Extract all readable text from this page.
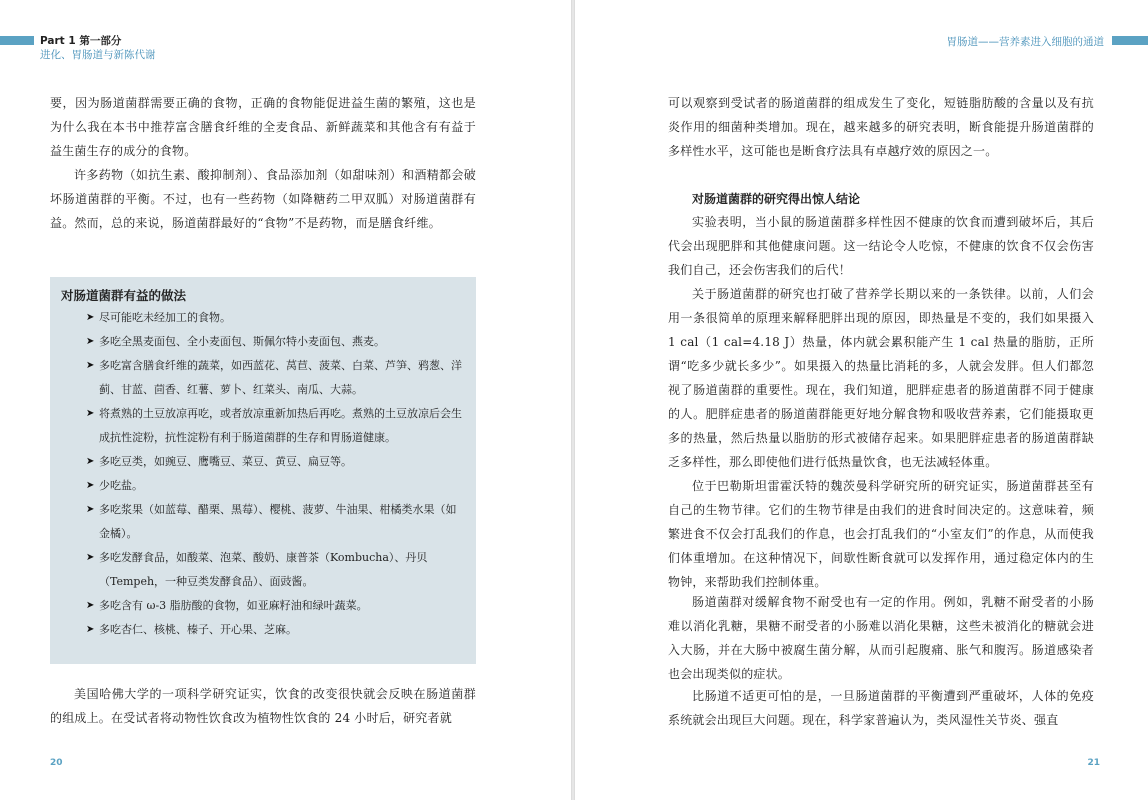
Part 1 第一部分
进化、胃肠道与新陈代谢
要，因为肠道菌群需要正确的食物，正确的食物能促进益生菌的繁殖，这也是为什么我在本书中推荐富含膳食纤维的全麦食品、新鲜蔬菜和其他含有有益于益生菌生存的成分的食物。
许多药物（如抗生素、酸抑制剂）、食品添加剂（如甜味剂）和酒精都会破坏肠道菌群的平衡。不过，也有一些药物（如降糖药二甲双胍）对肠道菌群有益。然而，总的来说，肠道菌群最好的“食物”不是药物，而是膳食纤维。
对肠道菌群有益的做法
➤ 尽可能吃未经加工的食物。
➤ 多吃全黑麦面包、全小麦面包、斯佩尔特小麦面包、燕麦。
➤ 多吃富含膳食纤维的蔬菜，如西蓝花、莴苣、菠菜、白菜、芦笋、鸦葱、洋蓟、甘蓝、茴香、红薯、萝卜、红菜头、南瓜、大蒜。
➤ 将煮熟的土豆放凉再吃，或者放凉重新加热后再吃。煮熟的土豆放凉后会生成抗性淀粉，抗性淀粉有利于肠道菌群的生存和胃肠道健康。
➤ 多吃豆类，如豌豆、鹰嘴豆、菜豆、黄豆、扁豆等。
➤ 少吃盐。
➤ 多吃浆果（如蓝莓、醋栗、黑莓）、樱桃、菠萝、牛油果、柑橘类水果（如金橘）。
➤ 多吃发酵食品，如酸菜、泡菜、酸奶、康普茶（Kombucha）、丹贝（Tempeh，一种豆类发酵食品）、面豉酱。
➤ 多吃含有 ω-3 脂肪酸的食物，如亚麻籽油和绿叶蔬菜。
➤ 多吃杏仁、核桃、榛子、开心果、芝麻。
美国哈佛大学的一项科学研究证实，饮食的改变很快就会反映在肠道菌群的组成上。在受试者将动物性饮食改为植物性饮食的 24 小时后，研究者就
20
胃肠道——营养素进入细胞的通道
可以观察到受试者的肠道菌群的组成发生了变化，短链脂肪酸的含量以及有抗炎作用的细菌种类增加。现在，越来越多的研究表明，断食能提升肠道菌群的多样性水平，这可能也是断食疗法具有卓越疗效的原因之一。
对肠道菌群的研究得出惊人结论
实验表明，当小鼠的肠道菌群多样性因不健康的饮食而遭到破坏后，其后代会出现肥胖和其他健康问题。这一结论令人吃惊，不健康的饮食不仅会伤害我们自己，还会伤害我们的后代！
关于肠道菌群的研究也打破了营养学长期以来的一条铁律。以前，人们会用一条很简单的原理来解释肥胖出现的原因，即热量是不变的，我们如果摄入 1 cal（1 cal=4.18 J）热量，体内就会累积能产生 1 cal 热量的脂肪，正所谓“吃多少就长多少”。如果摄入的热量比消耗的多，人就会发胖。但人们都忽视了肠道菌群的重要性。现在，我们知道，肥胖症患者的肠道菌群不同于健康的人。肥胖症患者的肠道菌群能更好地分解食物和吸收营养素，它们能摄取更多的热量，然后热量以脂肪的形式被储存起来。如果肥胖症患者的肠道菌群缺乏多样性，那么即使他们进行低热量饮食，也无法减轻体重。
位于巴勒斯坦雷霍沃特的魏茨曼科学研究所的研究证实，肠道菌群甚至有自己的生物节律。它们的生物节律是由我们的进食时间决定的。这意味着，频繁进食不仅会打乱我们的作息，也会打乱我们的“小室友们”的作息，从而使我们体重增加。在这种情况下，间歇性断食就可以发挥作用，通过稳定体内的生物钟，来帮助我们控制体重。
肠道菌群对缓解食物不耐受也有一定的作用。例如，乳糖不耐受者的小肠难以消化乳糖，果糖不耐受者的小肠难以消化果糖，这些未被消化的糖就会进入大肠，并在大肠中被腐生菌分解，从而引起腹痛、胀气和腹泻。肠道感染者也会出现类似的症状。
比肠道不适更可怕的是，一旦肠道菌群的平衡遭到严重破坏，人体的免疫系统就会出现巨大问题。现在，科学家普遍认为，类风湿性关节炎、强直
21
